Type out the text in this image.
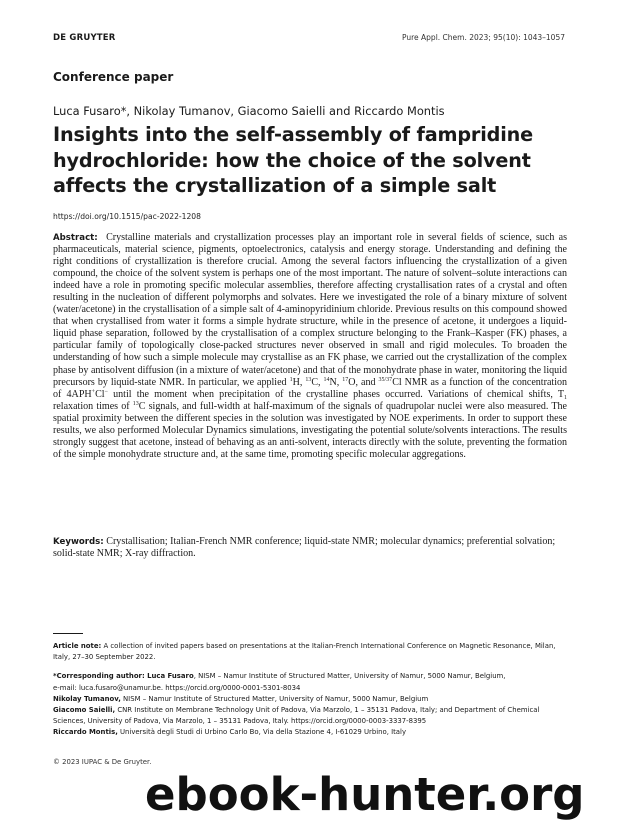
DE GRUYTER	Pure Appl. Chem. 2023; 95(10): 1043–1057
Conference paper
Luca Fusaro*, Nikolay Tumanov, Giacomo Saielli and Riccardo Montis
Insights into the self-assembly of fampridine hydrochloride: how the choice of the solvent affects the crystallization of a simple salt
https://doi.org/10.1515/pac-2022-1208

Abstract: Crystalline materials and crystallization processes play an important role in several fields of science, such as pharmaceuticals, material science, pigments, optoelectronics, catalysis and energy storage. Understanding and defining the right conditions of crystallization is therefore crucial. Among the several factors influencing the crystallization of a given compound, the choice of the solvent system is perhaps one of the most important. The nature of solvent–solute interactions can indeed have a role in promoting specific molecular assemblies, therefore affecting crystallisation rates of a crystal and often resulting in the nucleation of different polymorphs and solvates. Here we investigated the role of a binary mixture of solvent (water/acetone) in the crystallisation of a simple salt of 4-aminopyridinium chloride. Previous results on this compound showed that when crystallised from water it forms a simple hydrate structure, while in the presence of acetone, it undergoes a liquid-liquid phase separation, followed by the crystallisation of a complex structure belonging to the Frank–Kasper (FK) phases, a particular family of topologically close-packed structures never observed in small and rigid molecules. To broaden the understanding of how such a simple molecule may crystallise as an FK phase, we carried out the crystallization of the complex phase by antisolvent diffusion (in a mixture of water/acetone) and that of the monohydrate phase in water, monitoring the liquid precursors by liquid-state NMR. In particular, we applied $^1$H, $^{13}$C, $^{14}$N, $^{17}$O, and $^{35/37}$Cl NMR as a function of the concentration of 4APH+Cl− until the moment when precipitation of the crystalline phases occurred. Variations of chemical shifts, $T_1$ relaxation times of $^{13}$C signals, and full-width at half-maximum of the signals of quadrupolar nuclei were also measured. The spatial proximity between the different species in the solution was investigated by NOE experiments. In order to support these results, we also performed Molecular Dynamics simulations, investigating the potential solute/solvents interactions. The results strongly suggest that acetone, instead of behaving as an anti-solvent, interacts directly with the solute, preventing the formation of the simple monohydrate structure and, at the same time, promoting specific molecular aggregations.

Keywords: Crystallisation; Italian-French NMR conference; liquid-state NMR; molecular dynamics; preferential solvation; solid-state NMR; X-ray diffraction.

Article note: A collection of invited papers based on presentations at the Italian-French International Conference on Magnetic Resonance, Milan, Italy, 27–30 September 2022.

*Corresponding author: Luca Fusaro, NISM – Namur Institute of Structured Matter, University of Namur, 5000 Namur, Belgium,

e-mail: luca.fusaro@unamur.be. https://orcid.org/0000-0001-5301-8034

Nikolay Tumanov, NISM – Namur Institute of Structured Matter, University of Namur, 5000 Namur, Belgium

Giacomo Saielli, CNR Institute on Membrane Technology Unit of Padova, Via Marzolo, 1 – 35131 Padova, Italy; and Department of Chemical Sciences, University of Padova, Via Marzolo, 1 – 35131 Padova, Italy. https://orcid.org/0000-0003-3337-8395

Riccardo Montis, Università degli Studi di Urbino Carlo Bo, Via della Stazione 4, I-61029 Urbino, Italy

© 2023 IUPAC & De Gruyter.
ebook-hunter.org
